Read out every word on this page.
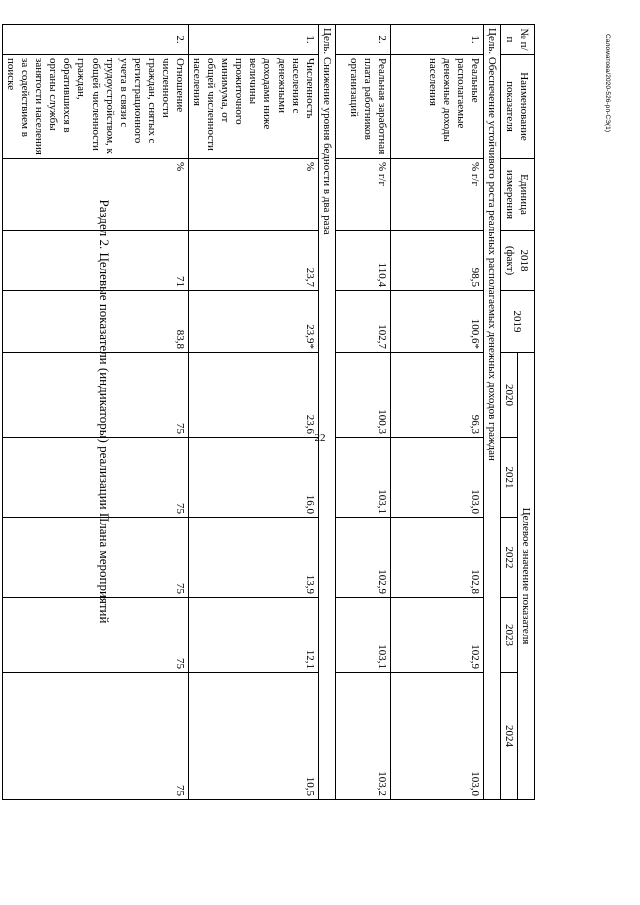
22
Саломатова/2020-526-рп-СЭ(1)
№ п/п	Наименование показателя	Единица измерения	2018 (факт)	2019	Целевое значение показателя				
					2020	2021	2022	2023	2024
Цель. Обеспечение устойчивого роста реальных располагаемых денежных доходов граждан									
1.	Реальные располагаемые денежные доходы населения	% г/г	98,5	100,6*	96,3	103,0	102,8	102,9	103,0
2.	Реальная заработная плата работников организаций	% г/г	110,4	102,7	100,3	103,1	102,9	103,1	103,2
Цель. Снижение уровня бедности в два раза									
1.	Численность населения с денежными доходами ниже величины прожиточного минимума, от общей численности населения	%	23,7	23,9*	23,6	16,0	13,9	12,1	10,5
2.	Отношение численности граждан, снятых с регистрационного учета в связи с трудоустройством, к общей численности граждан, обратившихся в органы службы занятости населения за содействием в поиске	%	71	83,8	75	75	75	75	75
Раздел 2. Целевые показатели (индикаторы) реализации Плана мероприятий
